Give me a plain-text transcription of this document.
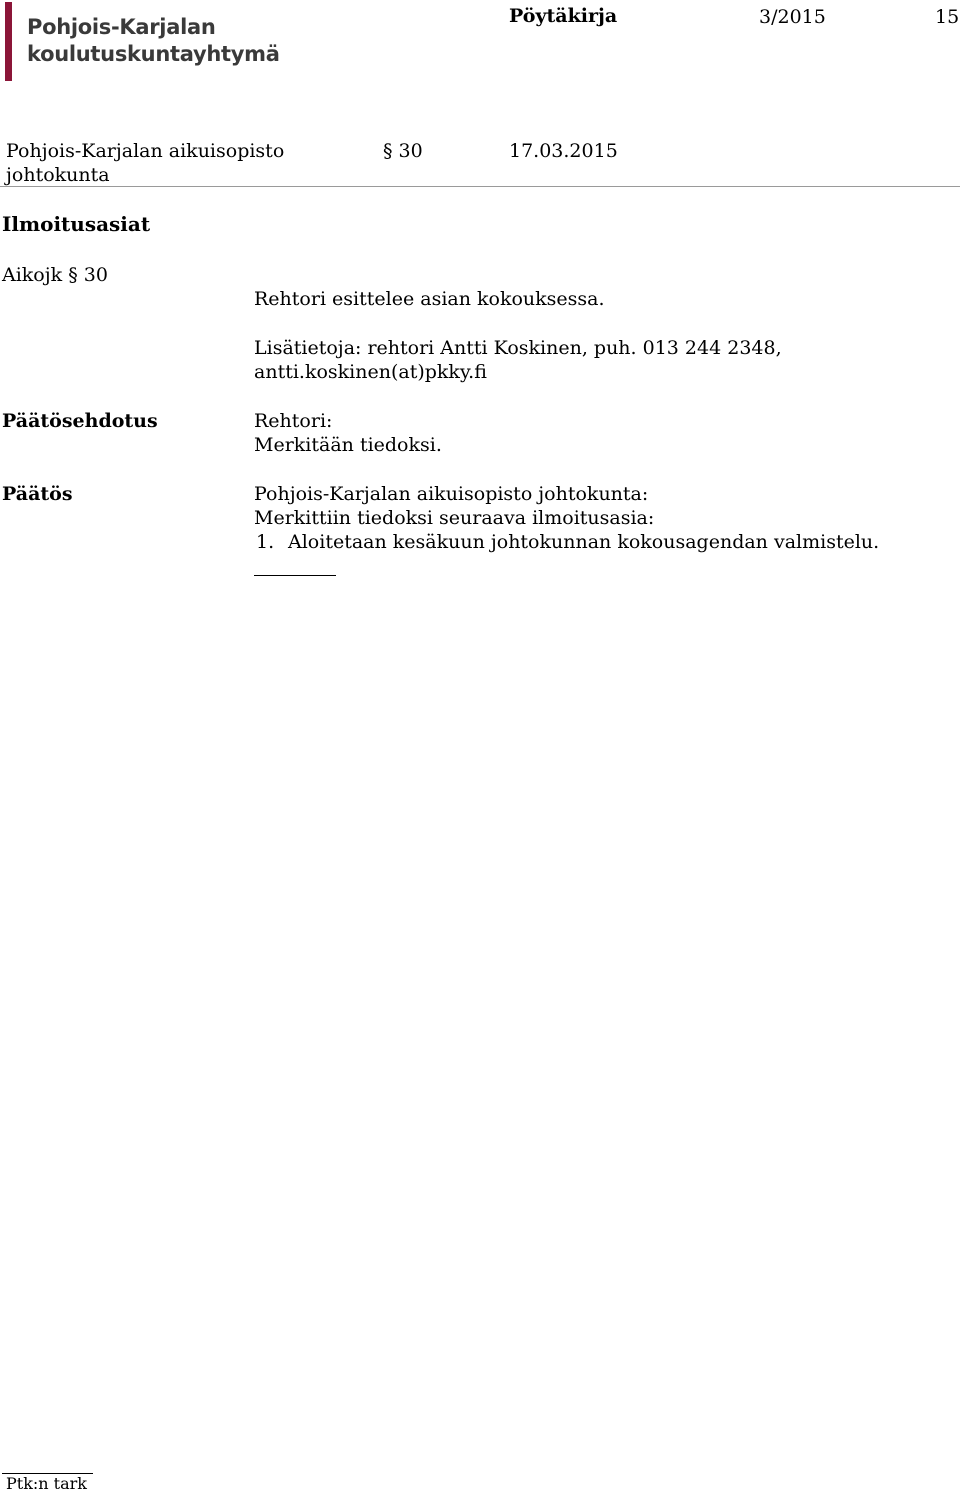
Pohjois-Karjalan
koulutuskuntayhtymä
Pöytäkirja	3/2015	15
Pohjois-Karjalan aikuisopisto
johtokunta
§ 30	17.03.2015
Ilmoitusasiat
Aikojk § 30
Rehtori esittelee asian kokouksessa.
Lisätietoja: rehtori Antti Koskinen, puh. 013 244 2348,
antti.koskinen(at)pkky.fi
Päätösehdotus	Rehtori:
Merkitään tiedoksi.
Päätös	Pohjois-Karjalan aikuisopisto johtokunta:
Merkittiin tiedoksi seuraava ilmoitusasia:
1. Aloitetaan kesäkuun johtokunnan kokousagendan valmistelu.
Ptk:n tark
